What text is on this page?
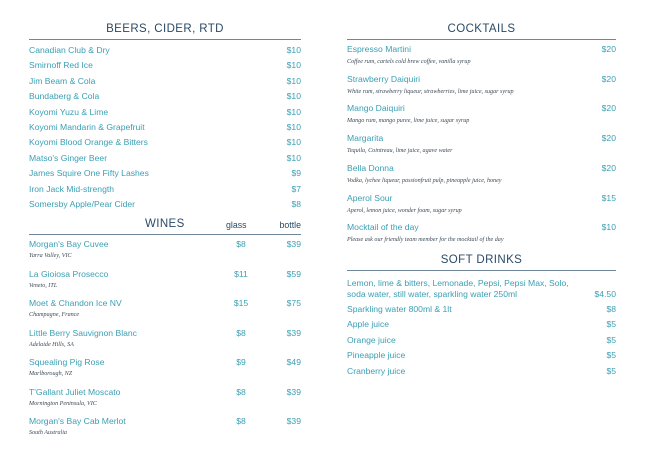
BEERS, CIDER, RTD
Canadian Club & Dry	$10
Smirnoff Red Ice	$10
Jim Beam & Cola	$10
Bundaberg & Cola	$10
Koyomi Yuzu & Lime	$10
Koyomi Mandarin & Grapefruit	$10
Koyomi Blood Orange & Bitters	$10
Matso's Ginger Beer	$10
James Squire One Fifty Lashes	$9
Iron Jack Mid-strength	$7
Somersby Apple/Pear Cider	$8
WINES	glass	bottle
Morgan's Bay Cuvee
Yarra Valley, VIC
$8	$39
La Gioiosa Prosecco
Veneto, ITL
$11	$59
Moet & Chandon Ice NV
Champagne, France
$15	$75
Little Berry Sauvignon Blanc
Adelaide Hills, SA
$8	$39
Squealing Pig Rose
Marlborough, NZ
$9	$49
T'Gallant Juliet Moscato
Mornington Peninsula, VIC
$8	$39
Morgan's Bay Cab Merlot
South Australia
$8	$39
COCKTAILS
Espresso Martini	$20
Coffee rum, cartels cold brew coffee, vanilla syrup
Strawberry Daiquiri	$20
White rum, strawberry liqueur, strawberries, lime juice, sugar syrup
Mango Daiquiri	$20
Mango rum, mango puree, lime juice, sugar syrup
Margarita	$20
Tequila, Cointreau, lime juice, agave water
Bella Donna	$20
Vodka, lychee liqueur, passionfruit pulp, pineapple juice, honey
Aperol Sour	$15
Aperol, lemon juice, wonder foam, sugar syrup
Mocktail of the day	$10
Please ask our friendly team member for the mocktail of the day
SOFT DRINKS
Lemon, lime & bitters, Lemonade, Pepsi, Pepsi Max, Solo,
soda water, still water, sparkling water 250ml	$4.50
Sparkling water 800ml & 1lt	$8
Apple juice	$5
Orange juice	$5
Pineapple juice	$5
Cranberry juice	$5
